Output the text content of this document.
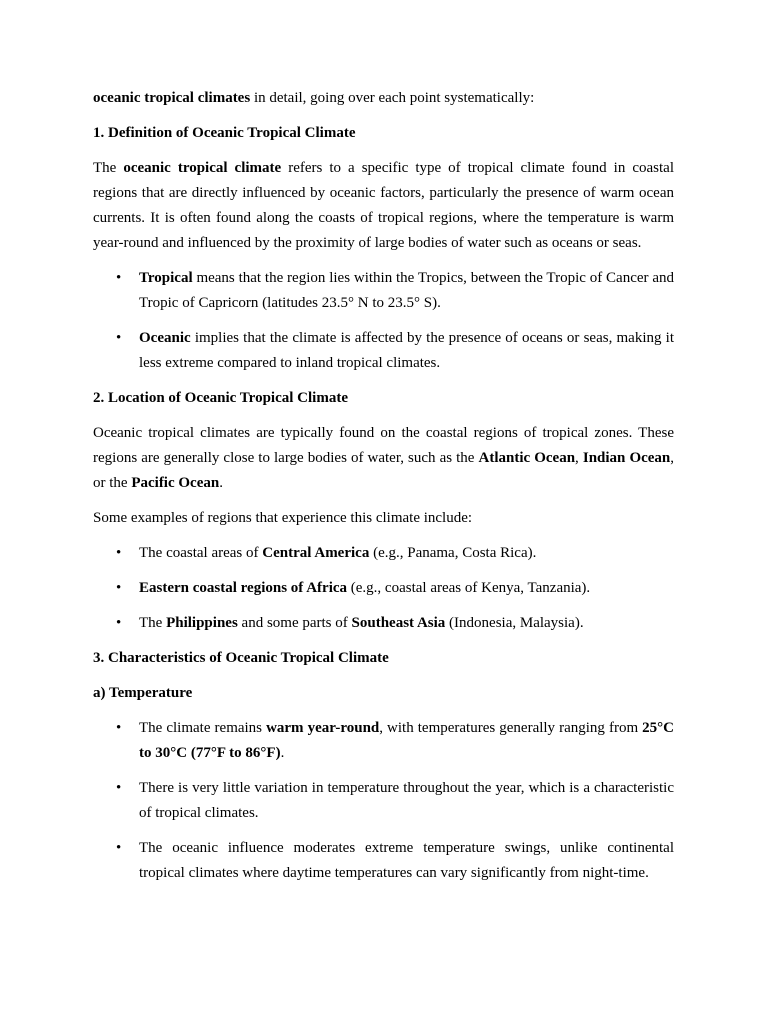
oceanic tropical climates in detail, going over each point systematically:

1. Definition of Oceanic Tropical Climate

The oceanic tropical climate refers to a specific type of tropical climate found in coastal regions that are directly influenced by oceanic factors, particularly the presence of warm ocean currents. It is often found along the coasts of tropical regions, where the temperature is warm year-round and influenced by the proximity of large bodies of water such as oceans or seas.

• Tropical means that the region lies within the Tropics, between the Tropic of Cancer and Tropic of Capricorn (latitudes 23.5° N to 23.5° S).
• Oceanic implies that the climate is affected by the presence of oceans or seas, making it less extreme compared to inland tropical climates.

2. Location of Oceanic Tropical Climate

Oceanic tropical climates are typically found on the coastal regions of tropical zones. These regions are generally close to large bodies of water, such as the Atlantic Ocean, Indian Ocean, or the Pacific Ocean.

Some examples of regions that experience this climate include:

• The coastal areas of Central America (e.g., Panama, Costa Rica).
• Eastern coastal regions of Africa (e.g., coastal areas of Kenya, Tanzania).
• The Philippines and some parts of Southeast Asia (Indonesia, Malaysia).

3. Characteristics of Oceanic Tropical Climate

a) Temperature

• The climate remains warm year-round, with temperatures generally ranging from 25°C to 30°C (77°F to 86°F).
• There is very little variation in temperature throughout the year, which is a characteristic of tropical climates.
• The oceanic influence moderates extreme temperature swings, unlike continental tropical climates where daytime temperatures can vary significantly from night-time.
